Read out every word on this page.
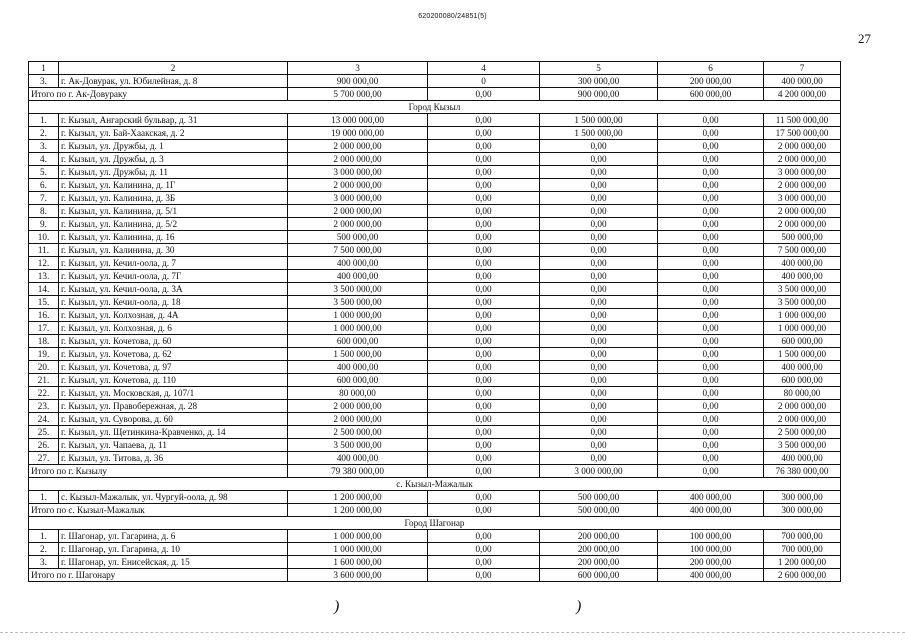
620200080/24851(5)
27
1	2	3	4	5	6	7
3.	г. Ак-Довурак, ул. Юбилейная, д. 8	900 000,00	0	300 000,00	200 000,00	400 000,00
Итого по г. Ак-Довураку		5 700 000,00	0,00	900 000,00	600 000,00	4 200 000,00
Город Кызыл						
1.	г. Кызыл, Ангарский бульвар, д. 31	13 000 000,00	0,00	1 500 000,00	0,00	11 500 000,00
2.	г. Кызыл, ул. Бай-Хаакская, д. 2	19 000 000,00	0,00	1 500 000,00	0,00	17 500 000,00
3.	г. Кызыл, ул. Дружбы, д. 1	2 000 000,00	0,00	0,00	0,00	2 000 000,00
4.	г. Кызыл, ул. Дружбы, д. 3	2 000 000,00	0,00	0,00	0,00	2 000 000,00
5.	г. Кызыл, ул. Дружбы, д. 11	3 000 000,00	0,00	0,00	0,00	3 000 000,00
6.	г. Кызыл, ул. Калинина, д. 1Г	2 000 000,00	0,00	0,00	0,00	2 000 000,00
7.	г. Кызыл, ул. Калинина, д. 3Б	3 000 000,00	0,00	0,00	0,00	3 000 000,00
8.	г. Кызыл, ул. Калинина, д. 5/1	2 000 000,00	0,00	0,00	0,00	2 000 000,00
9.	г. Кызыл, ул. Калинина, д. 5/2	2 000 000,00	0,00	0,00	0,00	2 000 000,00
10.	г. Кызыл, ул. Калинина, д. 16	500 000,00	0,00	0,00	0,00	500 000,00
11.	г. Кызыл, ул. Калинина, д. 30	7 500 000,00	0,00	0,00	0,00	7 500 000,00
12.	г. Кызыл, ул. Кечил-оола, д. 7	400 000,00	0,00	0,00	0,00	400 000,00
13.	г. Кызыл, ул. Кечил-оола, д. 7Г	400 000,00	0,00	0,00	0,00	400 000,00
14.	г. Кызыл, ул. Кечил-оола, д. 3А	3 500 000,00	0,00	0,00	0,00	3 500 000,00
15.	г. Кызыл, ул. Кечил-оола, д. 18	3 500 000,00	0,00	0,00	0,00	3 500 000,00
16.	г. Кызыл, ул. Колхозная, д. 4А	1 000 000,00	0,00	0,00	0,00	1 000 000,00
17.	г. Кызыл, ул. Колхозная, д. 6	1 000 000,00	0,00	0,00	0,00	1 000 000,00
18.	г. Кызыл, ул. Кочетова, д. 60	600 000,00	0,00	0,00	0,00	600 000,00
19.	г. Кызыл, ул. Кочетова, д. 62	1 500 000,00	0,00	0,00	0,00	1 500 000,00
20.	г. Кызыл, ул. Кочетова, д. 97	400 000,00	0,00	0,00	0,00	400 000,00
21.	г. Кызыл, ул. Кочетова, д. 110	600 000,00	0,00	0,00	0,00	600 000,00
22.	г. Кызыл, ул. Московская, д. 107/1	80 000,00	0,00	0,00	0,00	80 000,00
23.	г. Кызыл, ул. Правобережная, д. 28	2 000 000,00	0,00	0,00	0,00	2 000 000,00
24.	г. Кызыл, ул. Суворова, д. 60	2 000 000,00	0,00	0,00	0,00	2 000 000,00
25.	г. Кызыл, ул. Щетинкина-Кравченко, д. 14	2 500 000,00	0,00	0,00	0,00	2 500 000,00
26.	г. Кызыл, ул. Чапаева, д. 11	3 500 000,00	0,00	0,00	0,00	3 500 000,00
27.	г. Кызыл, ул. Титова, д. 36	400 000,00	0,00	0,00	0,00	400 000,00
Итого по г. Кызылу		79 380 000,00	0,00	3 000 000,00	0,00	76 380 000,00
с. Кызыл-Мажалык						
1.	с. Кызыл-Мажалык, ул. Чургуй-оола, д. 98	1 200 000,00	0,00	500 000,00	400 000,00	300 000,00
Итого по с. Кызыл-Мажалык		1 200 000,00	0,00	500 000,00	400 000,00	300 000,00
Город Шагонар						
1.	г. Шагонар, ул. Гагарина, д. 6	1 000 000,00	0,00	200 000,00	100 000,00	700 000,00
2.	г. Шагонар, ул. Гагарина, д. 10	1 000 000,00	0,00	200 000,00	100 000,00	700 000,00
3.	г. Шагонар, ул. Енисейская, д. 15	1 600 000,00	0,00	200 000,00	200 000,00	1 200 000,00
Итого по г. Шагонару		3 600 000,00	0,00	600 000,00	400 000,00	2 600 000,00
)	)
